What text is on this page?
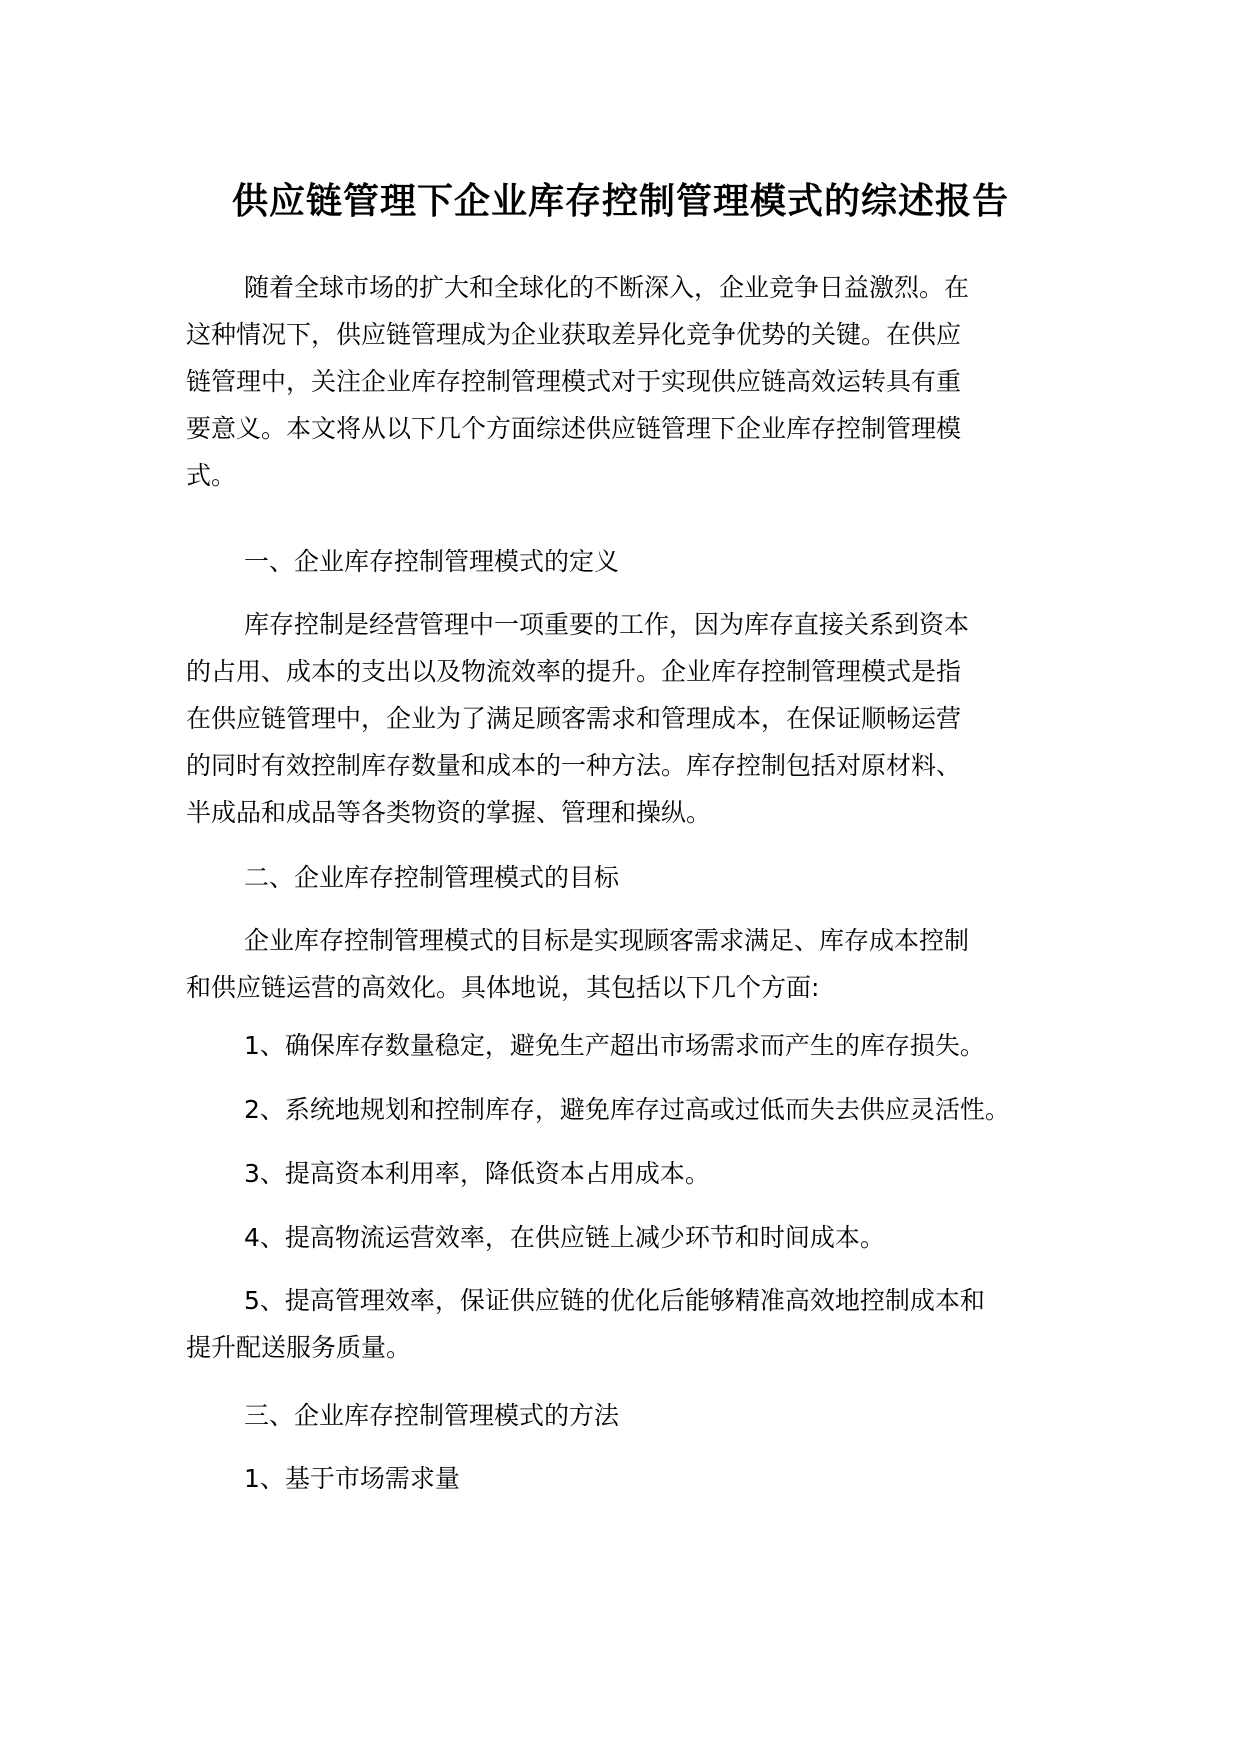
供应链管理下企业库存控制管理模式的综述报告
随着全球市场的扩大和全球化的不断深入，企业竞争日益激烈。在
这种情况下，供应链管理成为企业获取差异化竞争优势的关键。在供应
链管理中，关注企业库存控制管理模式对于实现供应链高效运转具有重
要意义。本文将从以下几个方面综述供应链管理下企业库存控制管理模
式。
一、企业库存控制管理模式的定义
库存控制是经营管理中一项重要的工作，因为库存直接关系到资本
的占用、成本的支出以及物流效率的提升。企业库存控制管理模式是指
在供应链管理中，企业为了满足顾客需求和管理成本，在保证顺畅运营
的同时有效控制库存数量和成本的一种方法。库存控制包括对原材料、
半成品和成品等各类物资的掌握、管理和操纵。
二、企业库存控制管理模式的目标
企业库存控制管理模式的目标是实现顾客需求满足、库存成本控制
和供应链运营的高效化。具体地说，其包括以下几个方面:
1、确保库存数量稳定，避免生产超出市场需求而产生的库存损失。
2、系统地规划和控制库存，避免库存过高或过低而失去供应灵活性。
3、提高资本利用率，降低资本占用成本。
4、提高物流运营效率，在供应链上减少环节和时间成本。
5、提高管理效率，保证供应链的优化后能够精准高效地控制成本和
提升配送服务质量。
三、企业库存控制管理模式的方法
1、基于市场需求量
